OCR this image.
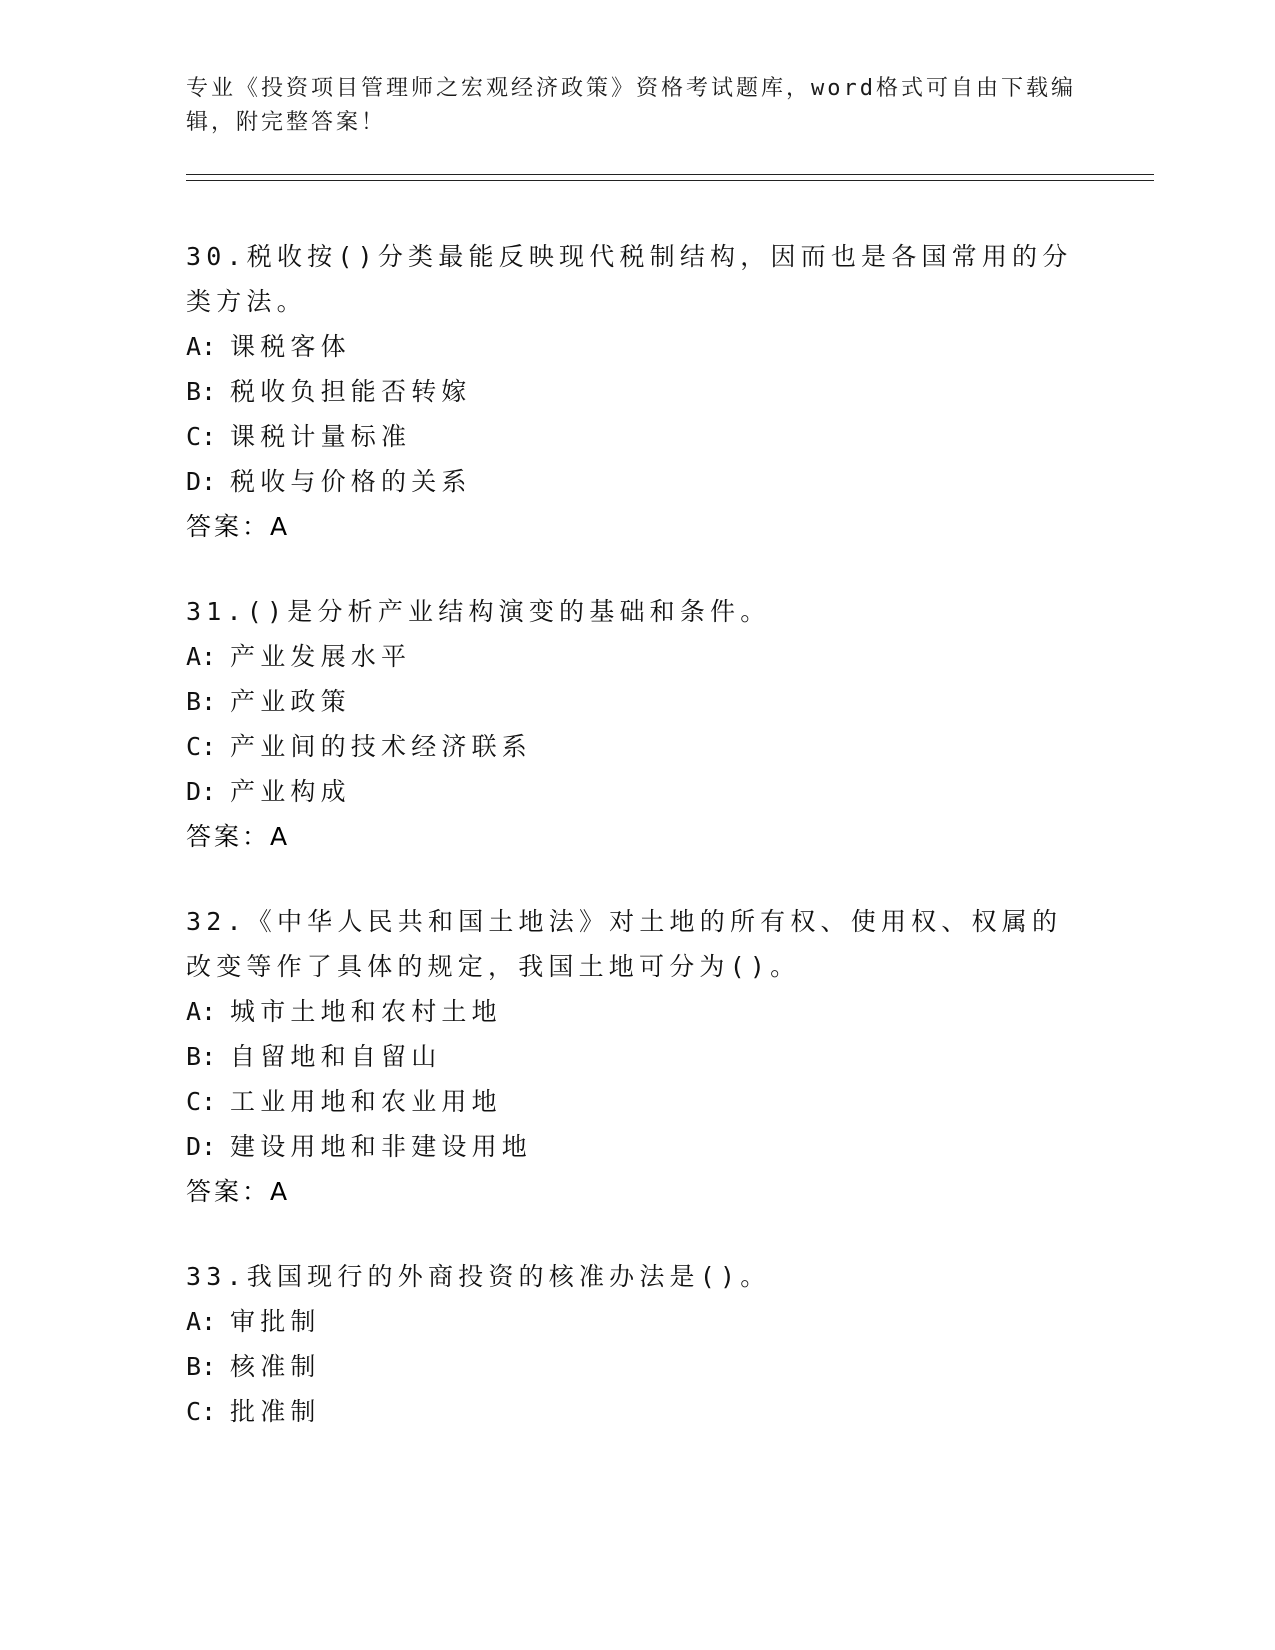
专业《投资项目管理师之宏观经济政策》资格考试题库，word格式可自由下载编辑，附完整答案！

30.税收按()分类最能反映现代税制结构，因而也是各国常用的分类方法。

A: 课税客体
B: 税收负担能否转嫁
C: 课税计量标准
D: 税收与价格的关系
答案：A

31.()是分析产业结构演变的基础和条件。

A: 产业发展水平
B: 产业政策
C: 产业间的技术经济联系
D: 产业构成
答案：A

32.《中华人民共和国土地法》对土地的所有权、使用权、权属的改变等作了具体的规定，我国土地可分为()。

A: 城市土地和农村土地
B: 自留地和自留山
C: 工业用地和农业用地
D: 建设用地和非建设用地
答案：A

33.我国现行的外商投资的核准办法是()。

A: 审批制
B: 核准制
C: 批准制
